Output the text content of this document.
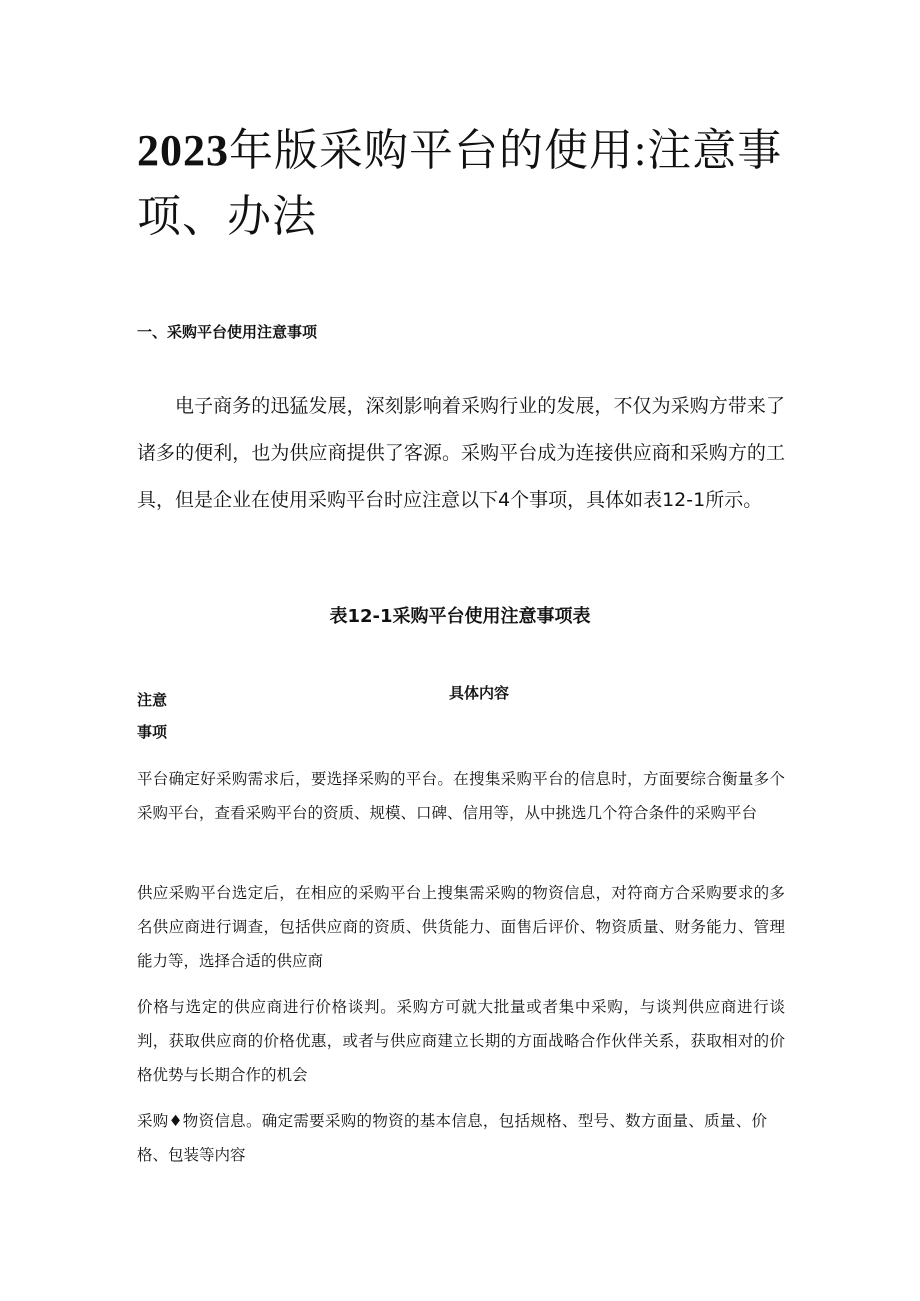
2023年版采购平台的使用:注意事项、办法
一、采购平台使用注意事项

电子商务的迅猛发展，深刻影响着采购行业的发展，不仅为采购方带来了诸多的便利，也为供应商提供了客源。采购平台成为连接供应商和采购方的工具，但是企业在使用采购平台时应注意以下4个事项，具体如表12-1所示。

表12-1采购平台使用注意事项表
注意事项
具体内容

平台确定好采购需求后，要选择采购的平台。在搜集采购平台的信息时，方面要综合衡量多个采购平台，查看采购平台的资质、规模、口碑、信用等，从中挑选几个符合条件的采购平台

供应采购平台选定后，在相应的采购平台上搜集需采购的物资信息，对符商方合采购要求的多名供应商进行调查，包括供应商的资质、供货能力、面售后评价、物资质量、财务能力、管理能力等，选择合适的供应商

价格与选定的供应商进行价格谈判。采购方可就大批量或者集中采购，与谈判供应商进行谈判，获取供应商的价格优惠，或者与供应商建立长期的方面战略合作伙伴关系，获取相对的价格优势与长期合作的机会

采购♦物资信息。确定需要采购的物资的基本信息，包括规格、型号、数方面量、质量、价格、包装等内容
